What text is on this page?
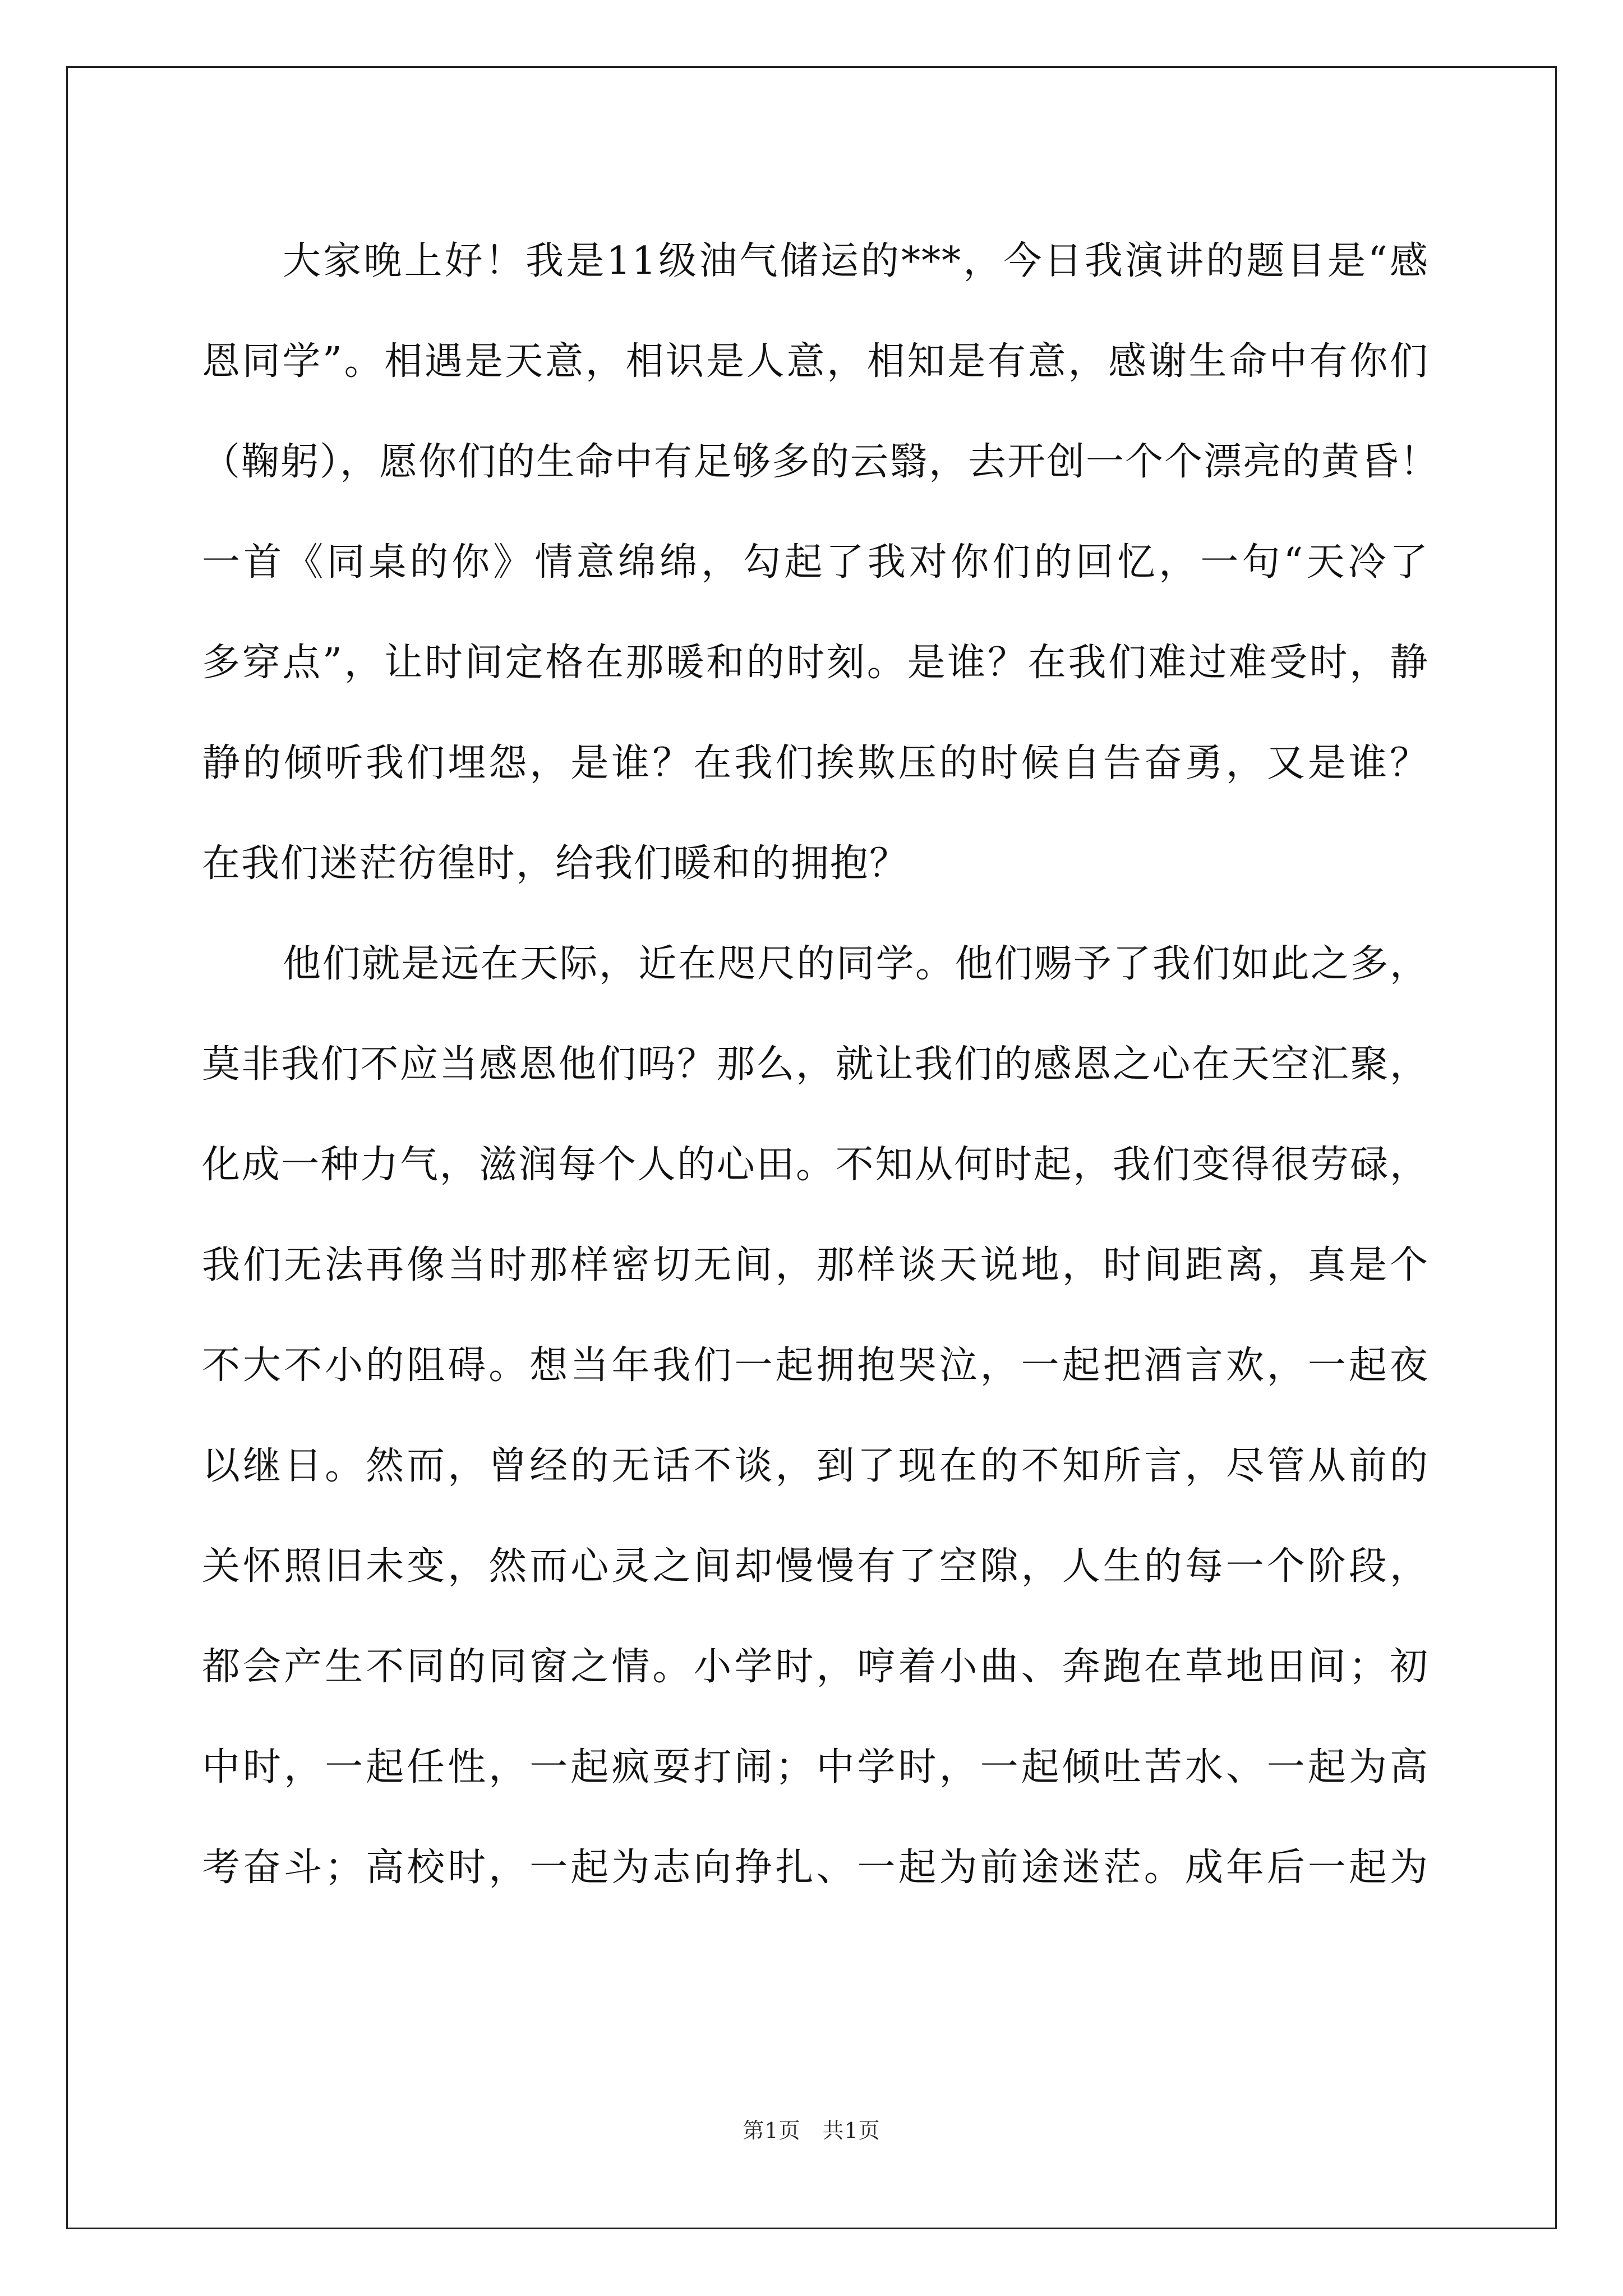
大家晚上好！我是11级油气储运的***，今日我演讲的题目是“感
恩同学”。相遇是天意，相识是人意，相知是有意，感谢生命中有你们
（鞠躬），愿你们的生命中有足够多的云翳，去开创一个个漂亮的黄昏！
一首《同桌的你》情意绵绵，勾起了我对你们的回忆，一句“天冷了
多穿点”，让时间定格在那暖和的时刻。是谁？在我们难过难受时，静
静的倾听我们埋怨，是谁？在我们挨欺压的时候自告奋勇，又是谁？
在我们迷茫彷徨时，给我们暖和的拥抱？
他们就是远在天际，近在咫尺的同学。他们赐予了我们如此之多，
莫非我们不应当感恩他们吗？那么，就让我们的感恩之心在天空汇聚，
化成一种力气，滋润每个人的心田。不知从何时起，我们变得很劳碌，
我们无法再像当时那样密切无间，那样谈天说地，时间距离，真是个
不大不小的阻碍。想当年我们一起拥抱哭泣，一起把酒言欢，一起夜
以继日。然而，曾经的无话不谈，到了现在的不知所言，尽管从前的
关怀照旧未变，然而心灵之间却慢慢有了空隙，人生的每一个阶段，
都会产生不同的同窗之情。小学时，哼着小曲、奔跑在草地田间；初
中时，一起任性，一起疯耍打闹；中学时，一起倾吐苦水、一起为高
考奋斗；高校时，一起为志向挣扎、一起为前途迷茫。成年后一起为
第1页　共1页
